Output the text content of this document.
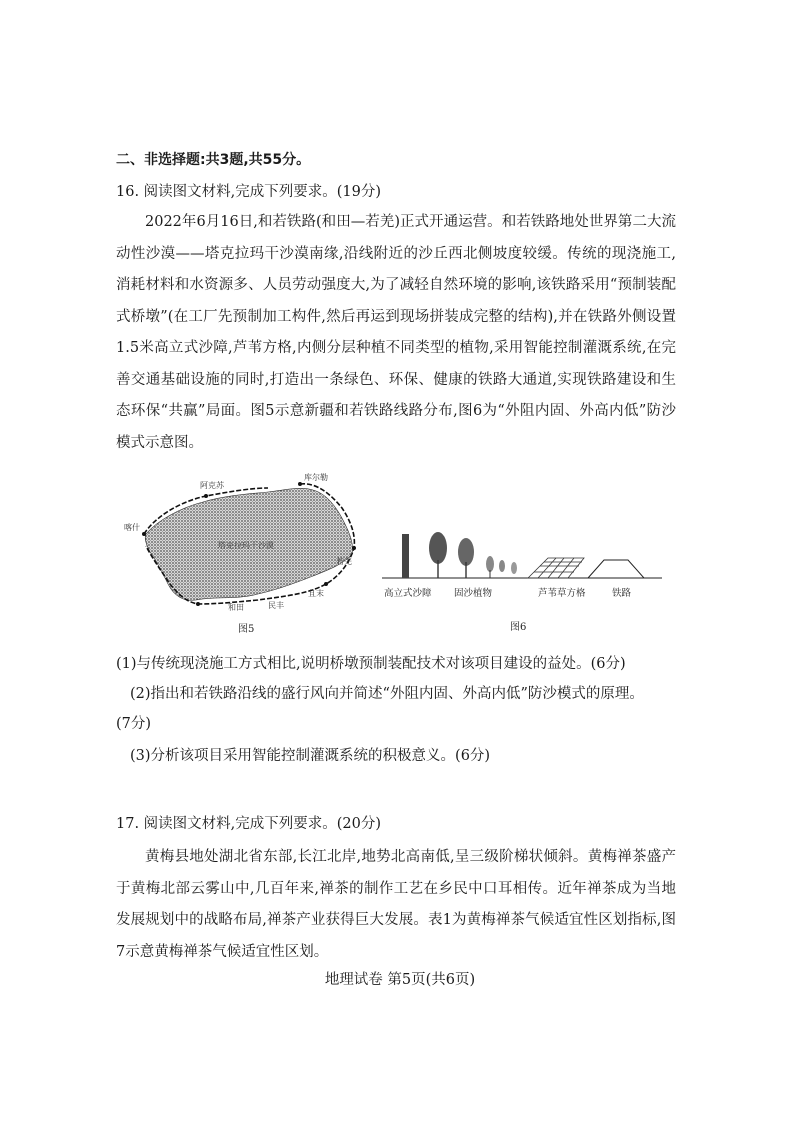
二、非选择题:共3题,共55分。
16. 阅读图文材料,完成下列要求。(19分)
2022年6月16日,和若铁路(和田—若羌)正式开通运营。和若铁路地处世界第二大流动性沙漠——塔克拉玛干沙漠南缘,沿线附近的沙丘西北侧坡度较缓。传统的现浇施工,消耗材料和水资源多、人员劳动强度大,为了减轻自然环境的影响,该铁路采用“预制装配式桥墩”(在工厂先预制加工构件,然后再运到现场拼装成完整的结构),并在铁路外侧设置1.5米高立式沙障,芦苇方格,内侧分层种植不同类型的植物,采用智能控制灌溉系统,在完善交通基础设施的同时,打造出一条绿色、环保、健康的铁路大通道,实现铁路建设和生态环保“共赢”局面。图5示意新疆和若铁路线路分布,图6为“外阻内固、外高内低”防沙模式示意图。
喀什
阿克苏
和田
若羌
库尔勒
塔克拉玛干沙漠
且末
民丰
图5
高立式沙障 固沙植物	芦苇草方格	铁路
图6
(1)与传统现浇施工方式相比,说明桥墩预制装配技术对该项目建设的益处。(6分)
(2)指出和若铁路沿线的盛行风向并简述“外阻内固、外高内低”防沙模式的原理。
(7分)
(3)分析该项目采用智能控制灌溉系统的积极意义。(6分)
17. 阅读图文材料,完成下列要求。(20分)
黄梅县地处湖北省东部,长江北岸,地势北高南低,呈三级阶梯状倾斜。黄梅禅茶盛产于黄梅北部云雾山中,几百年来,禅茶的制作工艺在乡民中口耳相传。近年禅茶成为当地发展规划中的战略布局,禅茶产业获得巨大发展。表1为黄梅禅茶气候适宜性区划指标,图7示意黄梅禅茶气候适宜性区划。
地理试卷 第5页(共6页)
